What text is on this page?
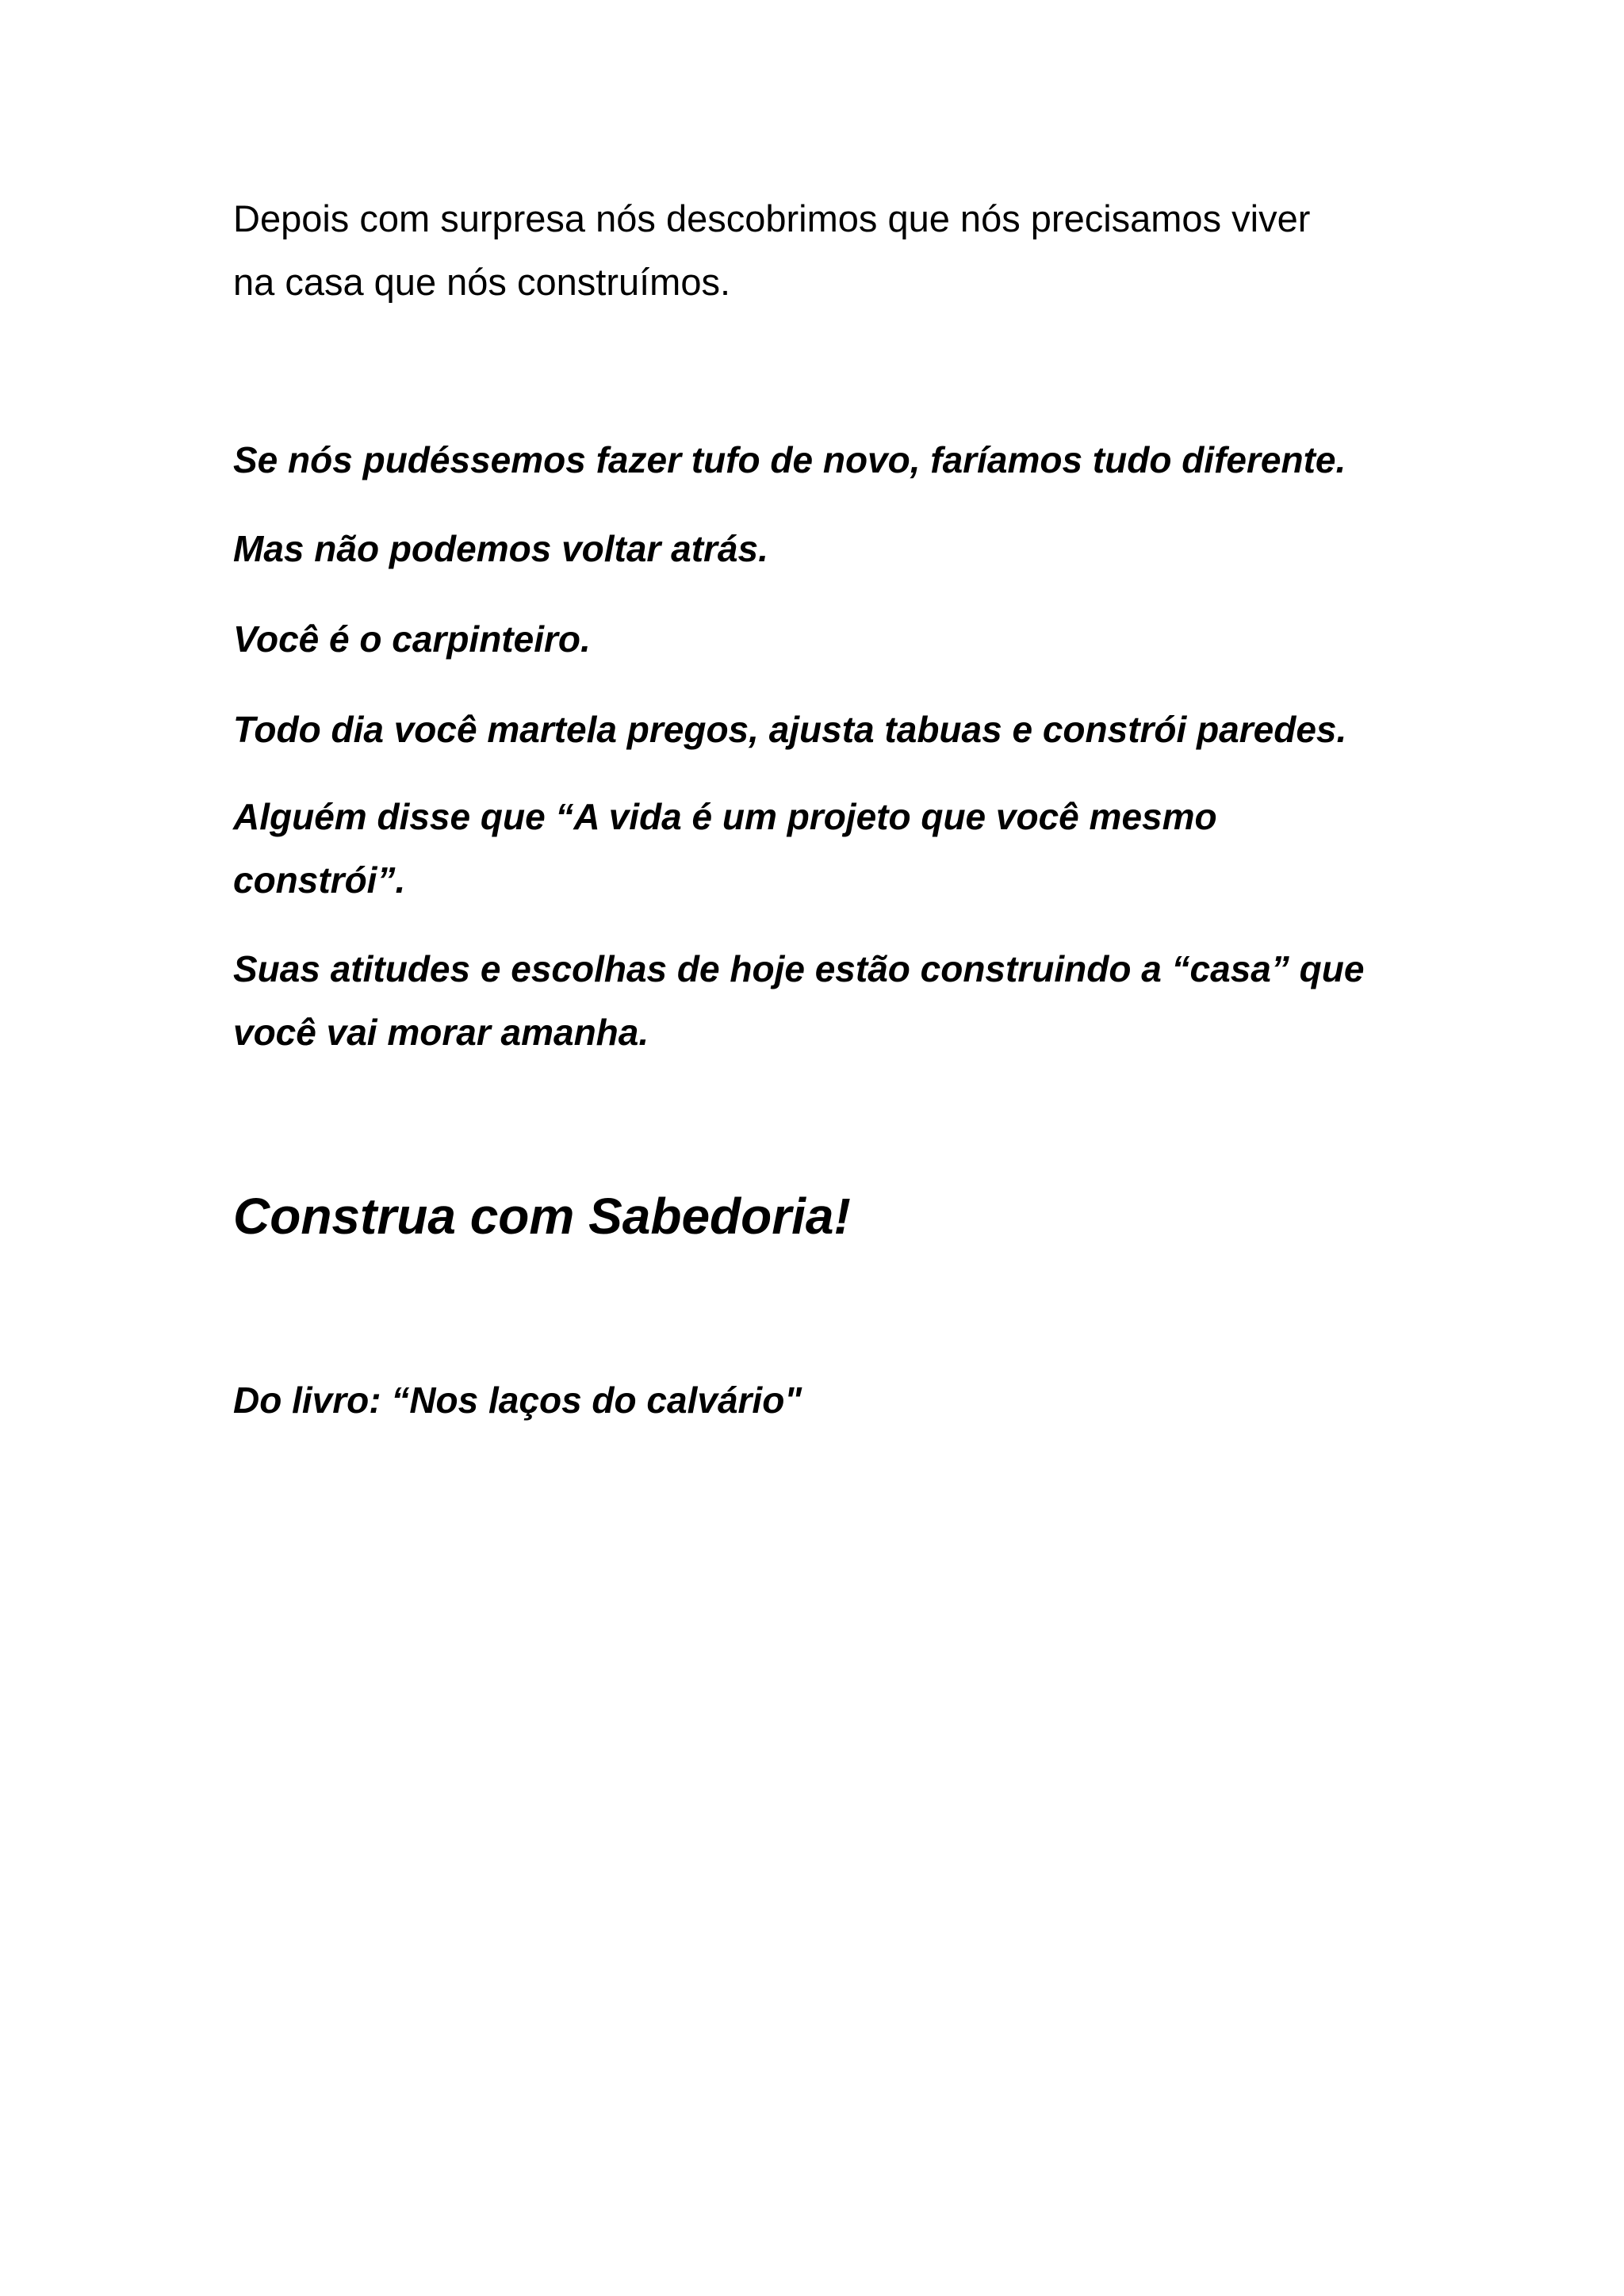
Depois com surpresa nós descobrimos que nós precisamos viver
na casa que nós construímos.

Se nós pudéssemos fazer tufo de novo, faríamos tudo diferente.

Mas não podemos voltar atrás.

Você é o carpinteiro.

Todo dia você martela pregos, ajusta tabuas e constrói paredes.

Alguém disse que “A vida é um projeto que você mesmo
constrói”.

Suas atitudes e escolhas de hoje estão construindo a “casa” que
você vai morar amanha.

Construa com Sabedoria!

Do livro: “Nos laços do calvário"
